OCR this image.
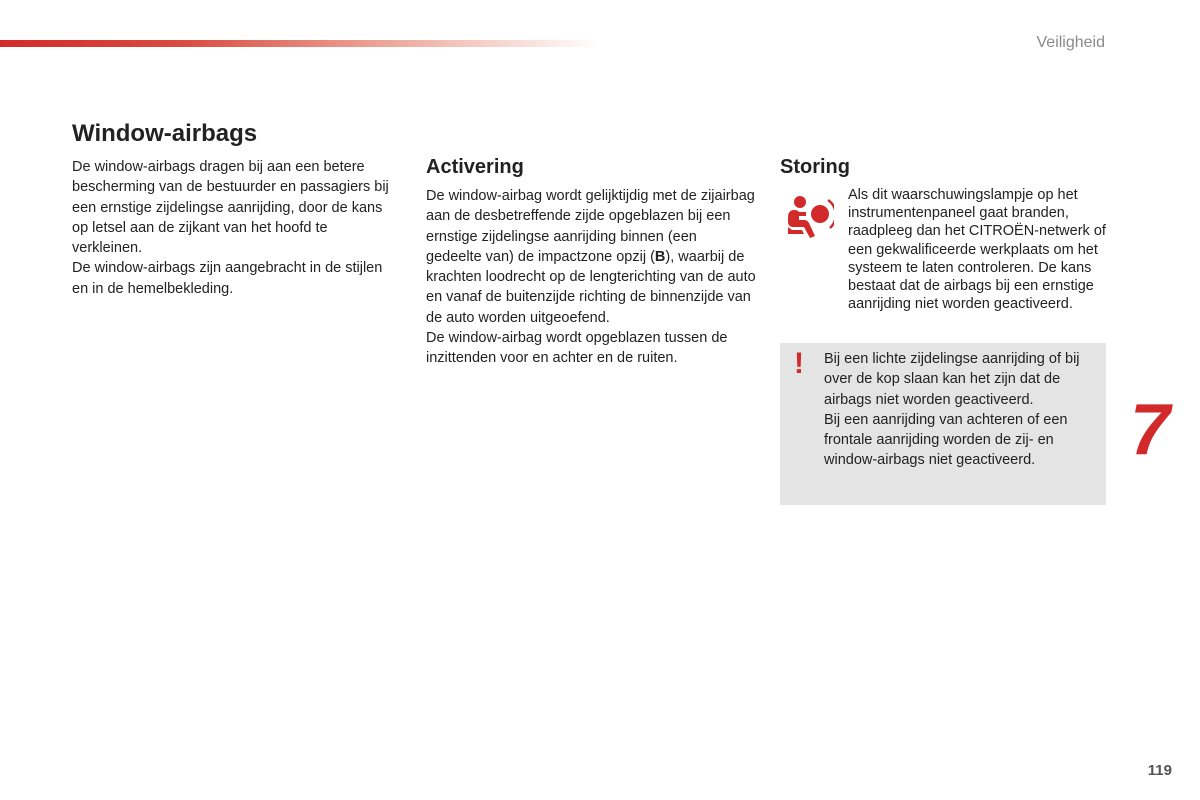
Veiligheid
Window-airbags

De window-airbags dragen bij aan een betere bescherming van de bestuurder en passagiers bij een ernstige zijdelingse aanrijding, door de kans op letsel aan de zijkant van het hoofd te verkleinen.

De window-airbags zijn aangebracht in de stijlen en in de hemelbekleding.

Activering

De window-airbag wordt gelijktijdig met de zijairbag aan de desbetreffende zijde opgeblazen bij een ernstige zijdelingse aanrijding binnen (een gedeelte van) de impactzone opzij (B), waarbij de krachten loodrecht op de lengterichting van de auto en vanaf de buitenzijde richting de binnenzijde van de auto worden uitgeoefend.

De window-airbag wordt opgeblazen tussen de inzittenden voor en achter en de ruiten.

Storing

Als dit waarschuwingslampje op het instrumentenpaneel gaat branden, raadpleeg dan het CITROËN-netwerk of een gekwalificeerde werkplaats om het systeem te laten controleren. De kans bestaat dat de airbags bij een ernstige aanrijding niet worden geactiveerd.

! Bij een lichte zijdelingse aanrijding of bij over de kop slaan kan het zijn dat de airbags niet worden geactiveerd.

Bij een aanrijding van achteren of een frontale aanrijding worden de zij- en window-airbags niet geactiveerd.	7
119
